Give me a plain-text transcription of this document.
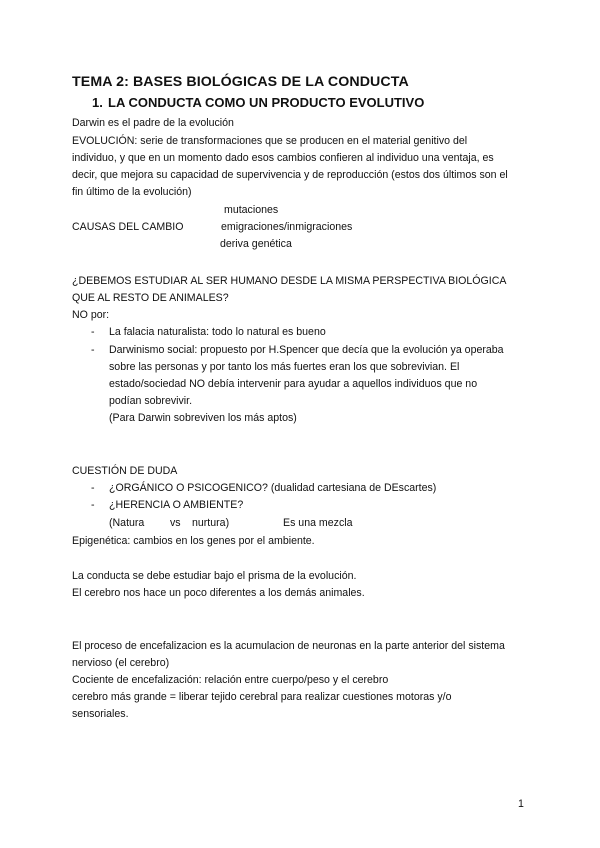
TEMA 2: BASES BIOLÓGICAS DE LA CONDUCTA
1. LA CONDUCTA COMO UN PRODUCTO EVOLUTIVO
Darwin es el padre de la evolución
EVOLUCIÓN: serie de transformaciones que se producen en el material genitivo del
individuo, y que en un momento dado esos cambios confieren al individuo una ventaja, es
decir, que mejora su capacidad de supervivencia y de reproducción (estos dos últimos son el
fin último de la evolución)
mutaciones
CAUSAS DEL CAMBIO	emigraciones/inmigraciones
deriva genética
¿DEBEMOS ESTUDIAR AL SER HUMANO DESDE LA MISMA PERSPECTIVA BIOLÓGICA
QUE AL RESTO DE ANIMALES?
NO por:
- La falacia naturalista: todo lo natural es bueno
- Darwinismo social: propuesto por H.Spencer que decía que la evolución ya operaba
sobre las personas y por tanto los más fuertes eran los que sobrevivian. El
estado/sociedad NO debía intervenir para ayudar a aquellos individuos que no
podían sobrevivir.
(Para Darwin sobreviven los más aptos)
CUESTIÓN DE DUDA
- ¿ORGÁNICO O PSICOGENICO? (dualidad cartesiana de DEscartes)
- ¿HERENCIA O AMBIENTE?
(Natura vs nurtura)	Es una mezcla
Epigenética: cambios en los genes por el ambiente.
La conducta se debe estudiar bajo el prisma de la evolución.
El cerebro nos hace un poco diferentes a los demás animales.
El proceso de encefalizacion es la acumulacion de neuronas en la parte anterior del sistema
nervioso (el cerebro)
Cociente de encefalización: relación entre cuerpo/peso y el cerebro
cerebro más grande = liberar tejido cerebral para realizar cuestiones motoras y/o
sensoriales.
1
